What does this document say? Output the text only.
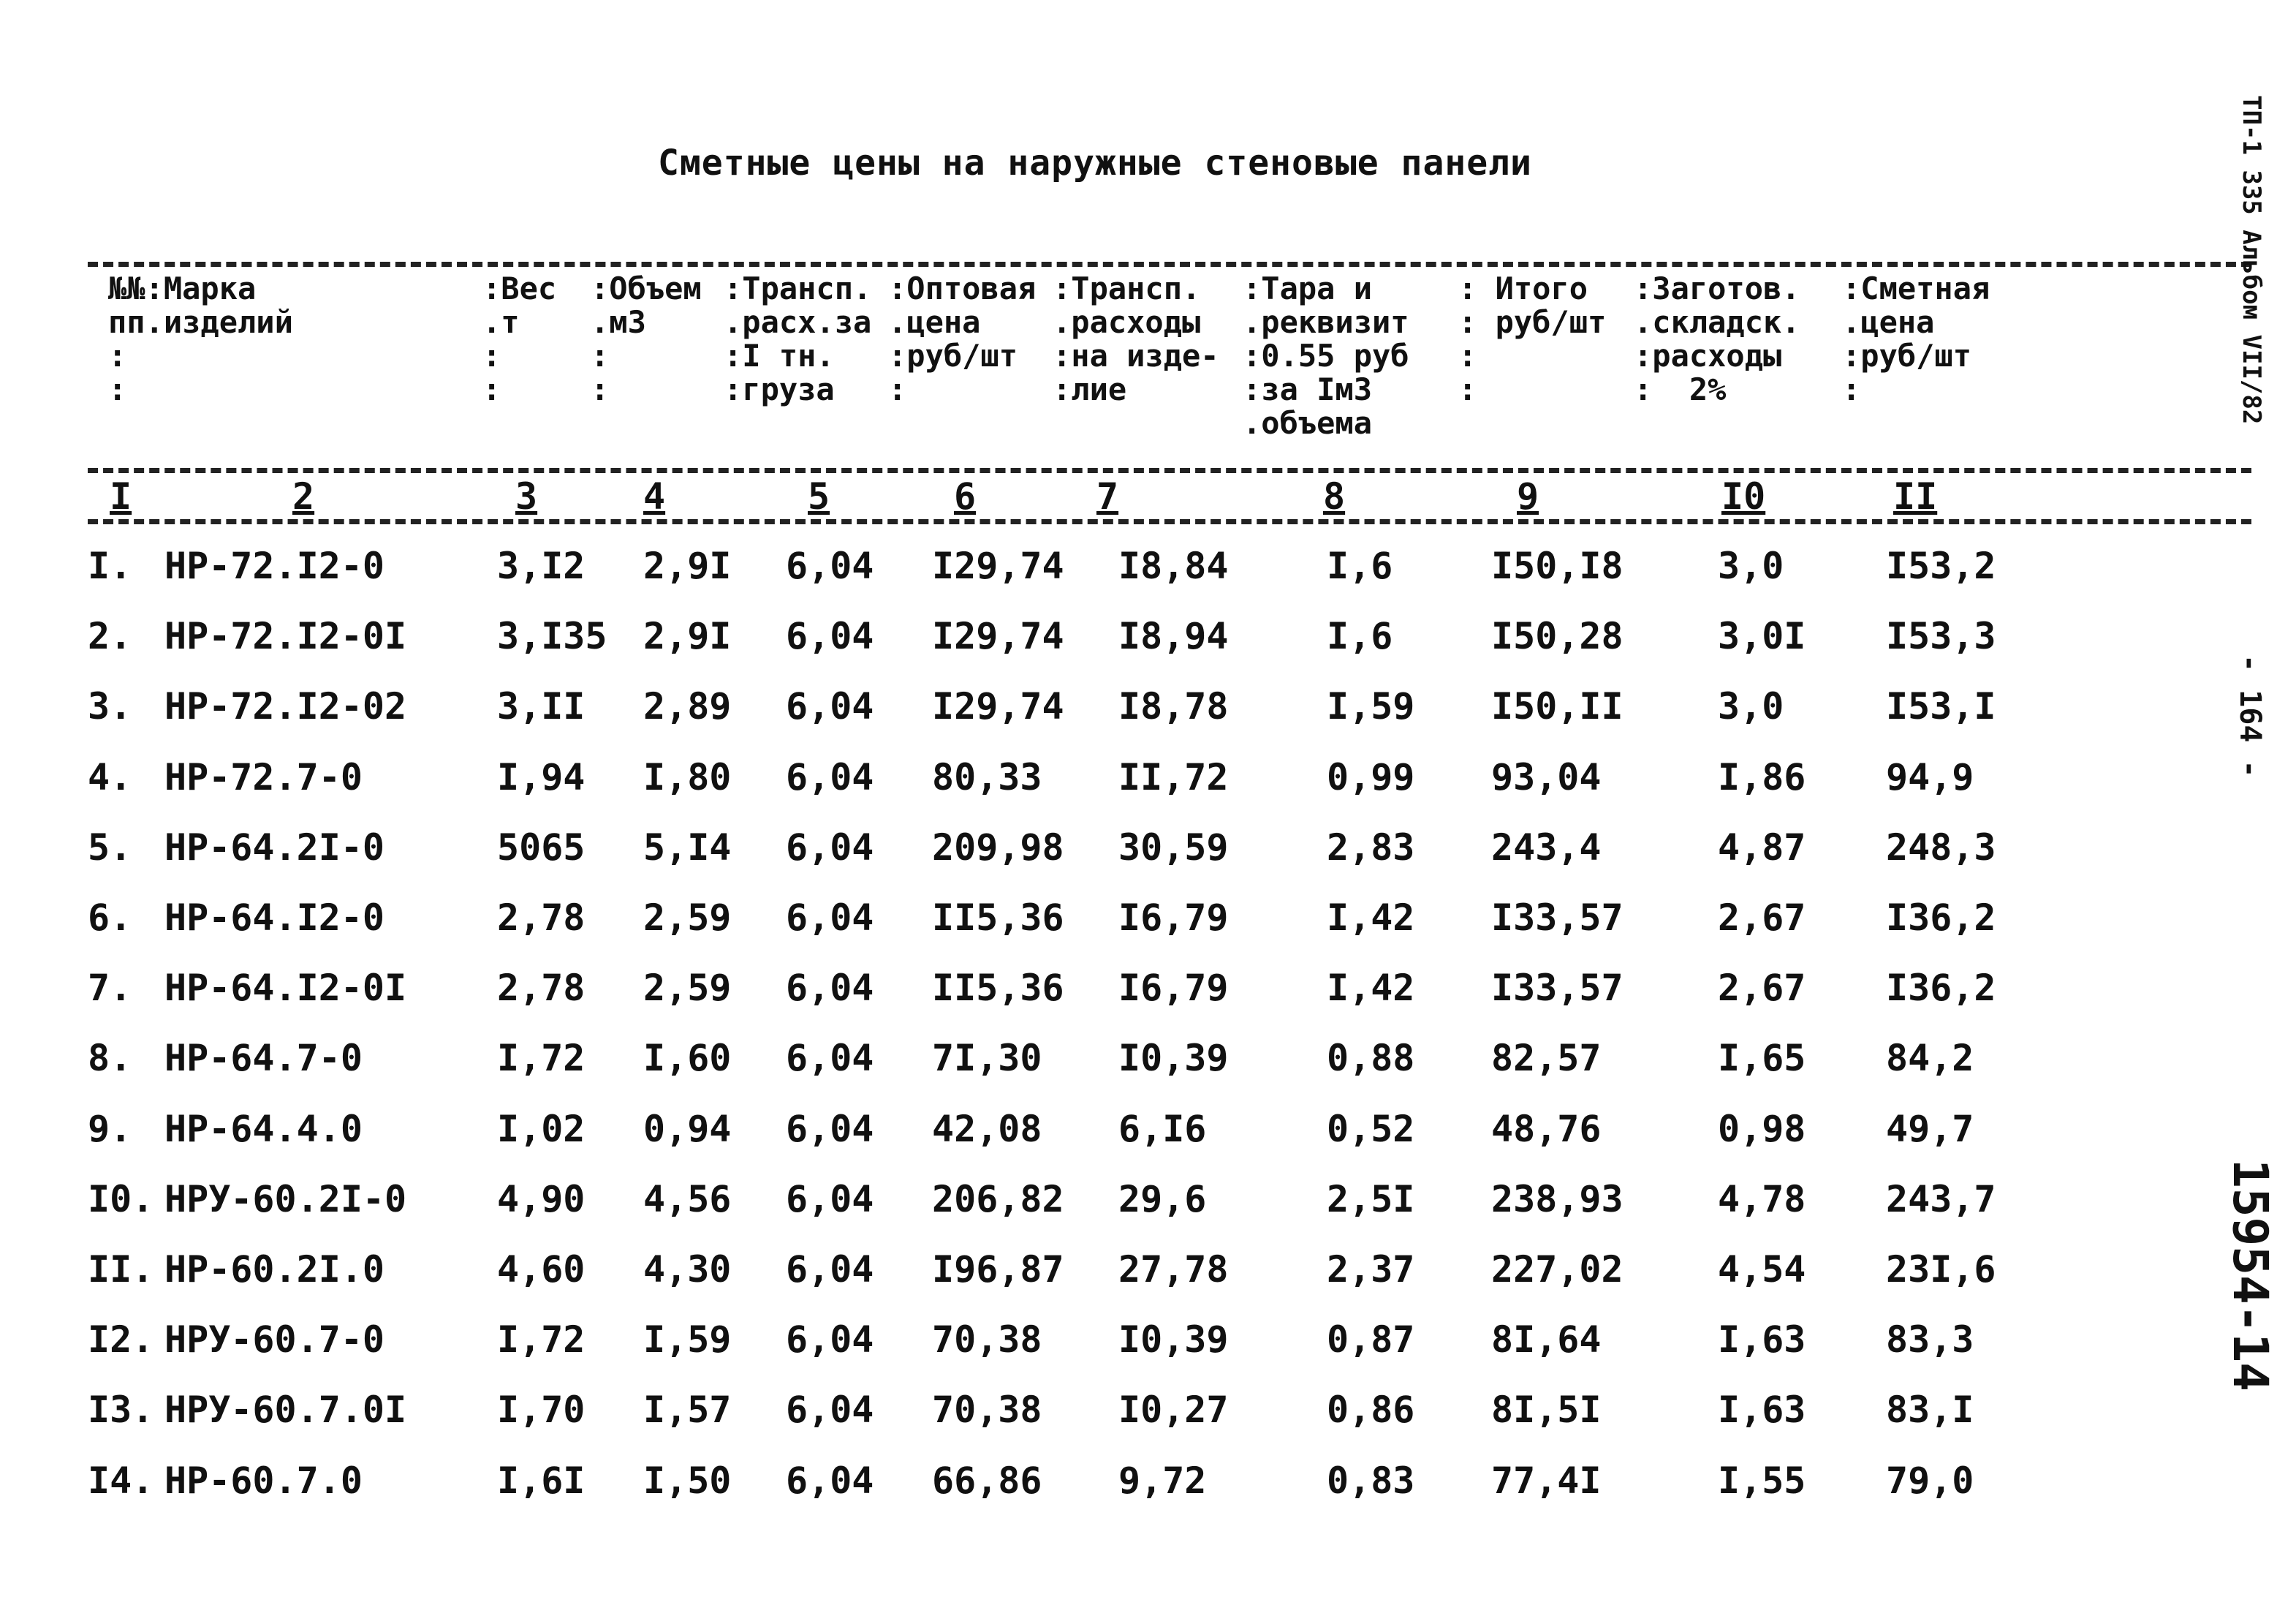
Сметные цены на наружные стеновые панели
№№:Марка
пп.изделий
:
:
:Вес
.т
:
:
:Объем
.м3
:
:
:Трансп.
.расх.за
:I тн.
:груза
:Оптовая
.цена
:руб/шт
:
:Трансп.
.расходы
:на изде-
:лие
:Тара и
.реквизит
:0.55 руб
:за Iм3
.объема
: Итого
: руб/шт
:
:
:Заготов.
.складск.
:расходы
:  2%
:Сметная
.цена
:руб/шт
:
I	2	3	4	5	6	7	8	9	I0	II
I. НР-72.I2-0	3,I2 2,9I 6,04 I29,74 I8,84	I,6	I50,I8	3,0	I53,2
2. НР-72.I2-0I 3,I35 2,9I 6,04 I29,74 I8,94	I,6	I50,28	3,0I I53,3
3. НР-72.I2-02 3,II 2,89 6,04 I29,74 I8,78	I,59 I50,II	3,0	I53,I
4. НР-72.7-0	I,94 I,80 6,04 80,33 II,72	0,99 93,04	I,86 94,9
5. НР-64.2I-0	5065 5,I4 6,04 209,98 30,59	2,83 243,4	4,87 248,3
6. НР-64.I2-0	2,78 2,59 6,04 II5,36 I6,79	I,42 I33,57	2,67 I36,2
7. НР-64.I2-0I 2,78 2,59 6,04 II5,36 I6,79	I,42 I33,57	2,67 I36,2
8. НР-64.7-0	I,72 I,60 6,04 7I,30 I0,39	0,88 82,57	I,65 84,2
9. НР-64.4.0	I,02 0,94 6,04 42,08 6,I6	0,52 48,76	0,98 49,7
I0. НРУ-60.2I-0 4,90 4,56 6,04 206,82 29,6	2,5I 238,93	4,78 243,7
II. НР-60.2I.0	4,60 4,30 6,04 I96,87 27,78	2,37 227,02	4,54 23I,6
I2. НРУ-60.7-0	I,72 I,59 6,04 70,38 I0,39	0,87 8I,64	I,63 83,3
I3. НРУ-60.7.0I I,70 I,57 6,04 70,38 I0,27	0,86 8I,5I	I,63 83,I
I4. НР-60.7.0	I,6I I,50 6,04 66,86 9,72	0,83 77,4I	I,55 79,0
ТП-1 335 Альбом VII/82
- 164 -
15954-14
